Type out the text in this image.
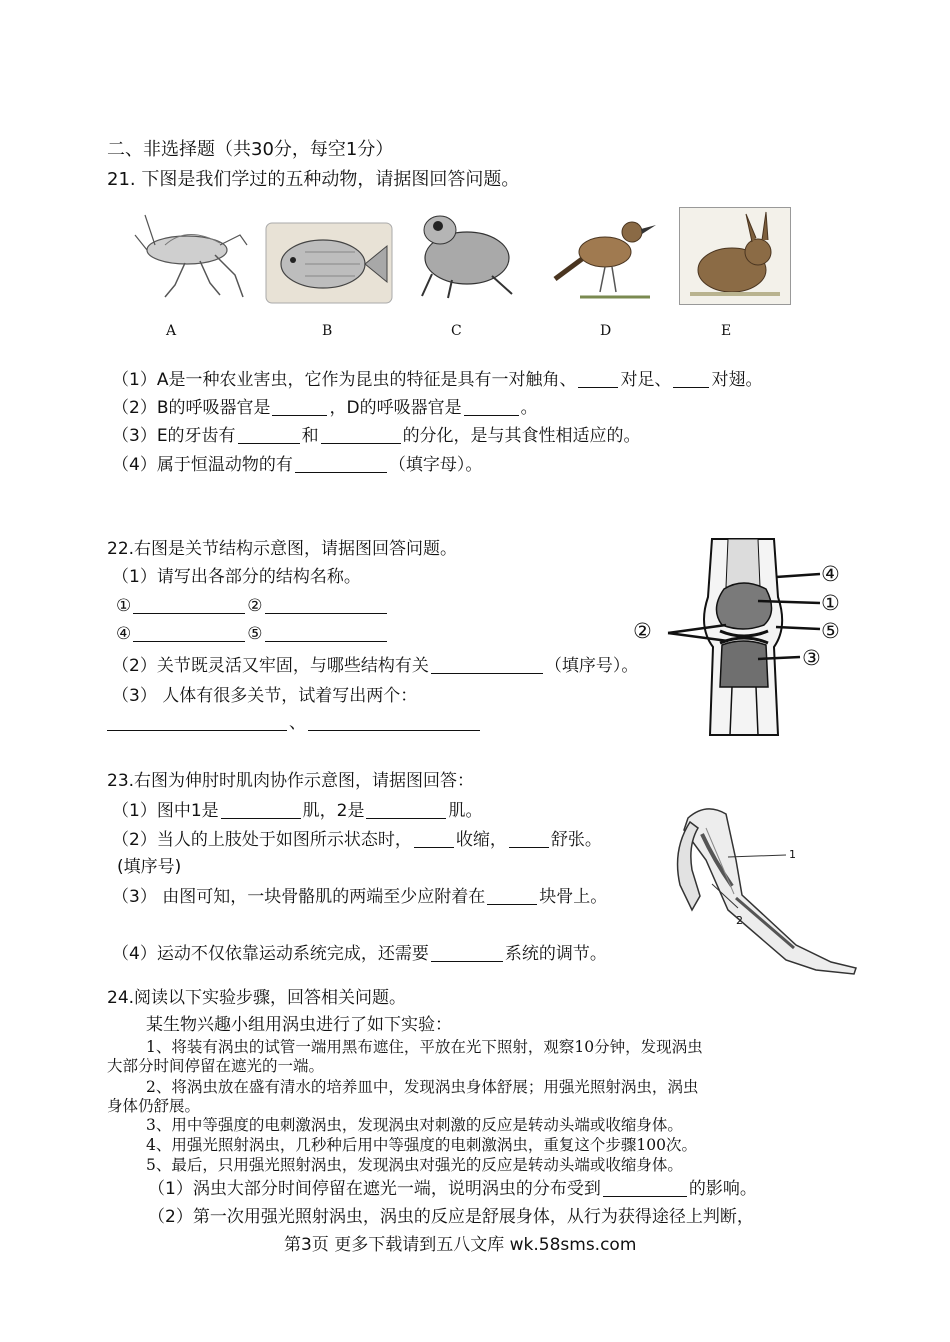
二、非选择题（共30分，每空1分）
21. 下图是我们学过的五种动物，请据图回答问题。
A	B	C	D	E
（1）A是一种农业害虫，它作为昆虫的特征是具有一对触角、	对足、 对翅。
（2）B的呼吸器官是	，D的呼吸器官是	。
（3）E的牙齿有	和	的分化，是与其食性相适应的。
（4）属于恒温动物的有	（填字母）。
22.右图是关节结构示意图，请据图回答问题。
（1）请写出各部分的结构名称。
①	②
④	⑤
（2）关节既灵活又牢固，与哪些结构有关	（填序号）。
（3） 人体有很多关节，试着写出两个：
、
④
①
②	⑤
③
23.右图为伸肘时肌肉协作示意图，请据图回答：
（1）图中1是	肌，2是	肌。
（2）当人的上肢处于如图所示状态时，	收缩，	舒张。
(填序号)
（3） 由图可知，一块骨骼肌的两端至少应附着在	块骨上。
（4）运动不仅依靠运动系统完成，还需要	系统的调节。
1
2
24.阅读以下实验步骤，回答相关问题。
某生物兴趣小组用涡虫进行了如下实验：
1、将装有涡虫的试管一端用黑布遮住，平放在光下照射，观察10分钟，发现涡虫
大部分时间停留在遮光的一端。
2、将涡虫放在盛有清水的培养皿中，发现涡虫身体舒展；用强光照射涡虫，涡虫
身体仍舒展。
3、用中等强度的电刺激涡虫，发现涡虫对刺激的反应是转动头端或收缩身体。
4、用强光照射涡虫，几秒种后用中等强度的电刺激涡虫，重复这个步骤100次。
5、最后，只用强光照射涡虫，发现涡虫对强光的反应是转动头端或收缩身体。
（1）涡虫大部分时间停留在遮光一端，说明涡虫的分布受到	的影响。
（2）第一次用强光照射涡虫，涡虫的反应是舒展身体，从行为获得途径上判断，
第3页 更多下载请到五八文库 wk.58sms.com
